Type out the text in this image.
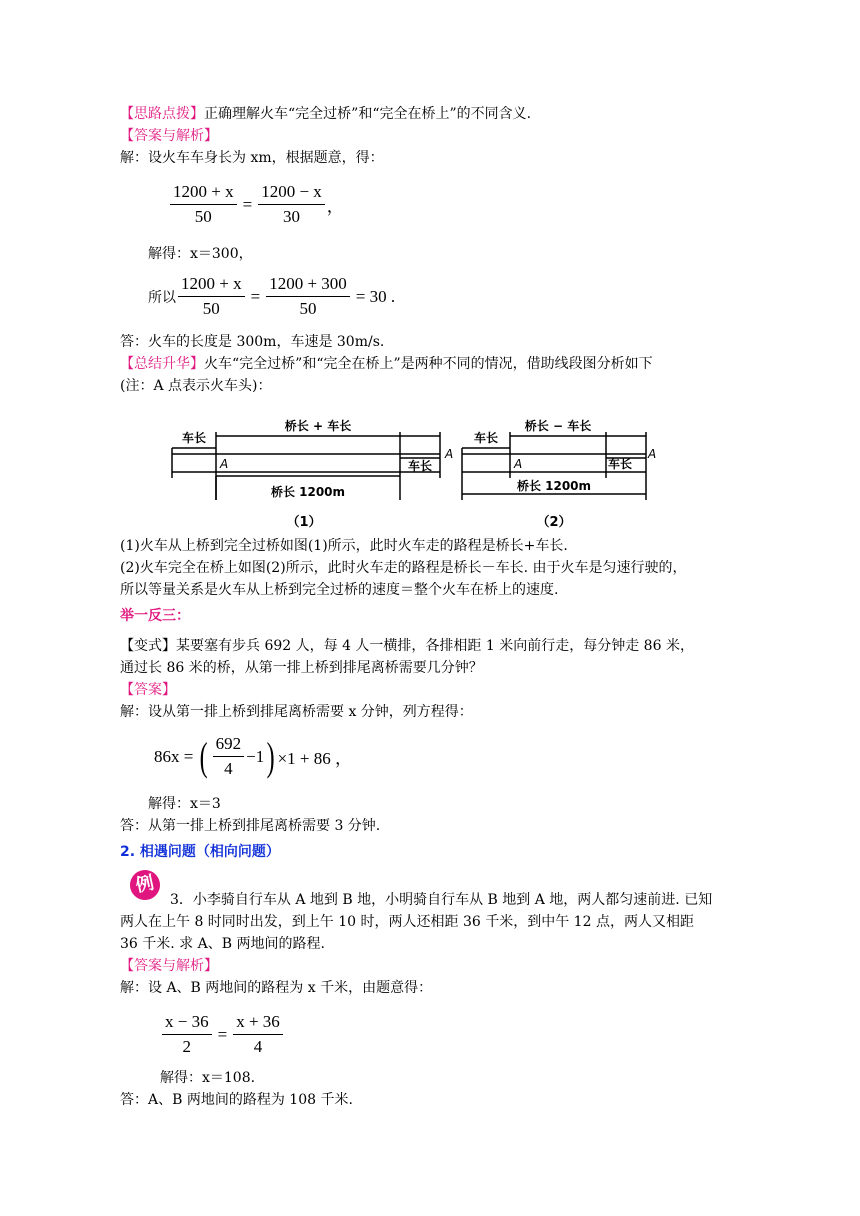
【思路点拨】正确理解火车“完全过桥”和“完全在桥上”的不同含义.
【答案与解析】
解：设火车车身长为 xm，根据题意，得：
$\frac{1200 + x}{50} = \frac{1200 - x}{30}$ ，
解得：x＝300，
所以 $\frac{1200 + x}{50} = \frac{1200 + 300}{50} = 30$ .
答：火车的长度是 300m，车速是 30m/s.
【总结升华】火车“完全过桥”和“完全在桥上”是两种不同的情况，借助线段图分析如下
(注：A 点表示火车头)：
桥长 + 车长
车长
车长
A
A
桥长 1200m
（1）
桥长 − 车长
车长
车长
A
A
桥长 1200m
（2）
(1)火车从上桥到完全过桥如图(1)所示，此时火车走的路程是桥长+车长.
(2)火车完全在桥上如图(2)所示，此时火车走的路程是桥长－车长. 由于火车是匀速行驶的，
所以等量关系是火车从上桥到完全过桥的速度＝整个火车在桥上的速度.
举一反三：
【变式】某要塞有步兵 692 人，每 4 人一横排，各排相距 1 米向前行走，每分钟走 86 米，
通过长 86 米的桥，从第一排上桥到排尾离桥需要几分钟？
【答案】
解：设从第一排上桥到排尾离桥需要 x 分钟，列方程得：
86x = ( $\frac{692}{4} -1$ ) ×1 + 86 ，
解得：x＝3
答：从第一排上桥到排尾离桥需要 3 分钟.
2. 相遇问题（相向问题）
例
3．小李骑自行车从 A 地到 B 地，小明骑自行车从 B 地到 A 地，两人都匀速前进. 已知
两人在上午 8 时同时出发，到上午 10 时，两人还相距 36 千米，到中午 12 点，两人又相距
36 千米. 求 A、B 两地间的路程.
【答案与解析】
解：设 A、B 两地间的路程为 x 千米，由题意得：
$\frac{x - 36}{2} = \frac{x + 36}{4}$
解得：x＝108.
答：A、B 两地间的路程为 108 千米.
